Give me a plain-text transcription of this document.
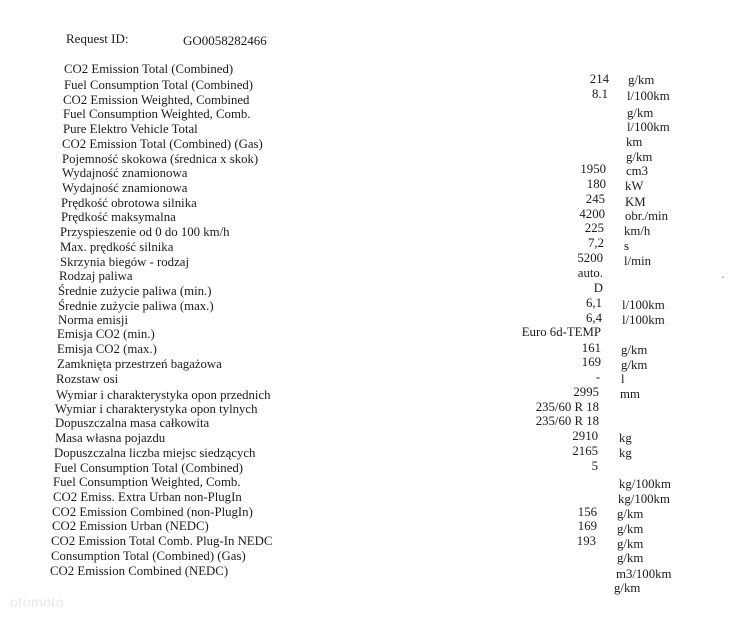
Request ID:	GO0058282466
CO2 Emission Total (Combined)
Fuel Consumption Total (Combined)
CO2 Emission Weighted, Combined
Fuel Consumption Weighted, Comb.
Pure Elektro Vehicle Total
CO2 Emission Total (Combined) (Gas)
Pojemność skokowa (średnica x skok)
Wydajność znamionowa
Wydajność znamionowa
Prędkość obrotowa silnika
Prędkość maksymalna
Przyspieszenie od 0 do 100 km/h
Max. prędkość silnika
Skrzynia biegów - rodzaj
Rodzaj paliwa
Średnie zużycie paliwa (min.)
Średnie zużycie paliwa (max.)
Norma emisji
Emisja CO2 (min.)
Emisja CO2 (max.)
Zamknięta przestrzeń bagażowa
Rozstaw osi
Wymiar i charakterystyka opon przednich
Wymiar i charakterystyka opon tylnych
Dopuszczalna masa całkowita
Masa własna pojazdu
Dopuszczalna liczba miejsc siedzących
Fuel Consumption Total (Combined)
Fuel Consumption Weighted, Comb.
CO2 Emiss. Extra Urban non-PlugIn
CO2 Emission Combined (non-PlugIn)
CO2 Emission Urban (NEDC)
CO2 Emission Total Comb. Plug-In NEDC
Consumption Total (Combined) (Gas)
CO2 Emission Combined (NEDC)
214
8.1
1950
180
245
4200
225
7,2
5200
auto.
D
6,1
6,4
Euro 6d-TEMP
161
169
-
2995
235/60 R 18
235/60 R 18
2910
2165
5
156
169
193
g/km
l/100km
g/km
l/100km
km
g/km
cm3
kW
KM
obr./min
km/h
s
l/min
l/100km
l/100km
g/km
g/km
l
mm
kg
kg
kg/100km
kg/100km
g/km
g/km
g/km
g/km
m3/100km
g/km
otomoto
